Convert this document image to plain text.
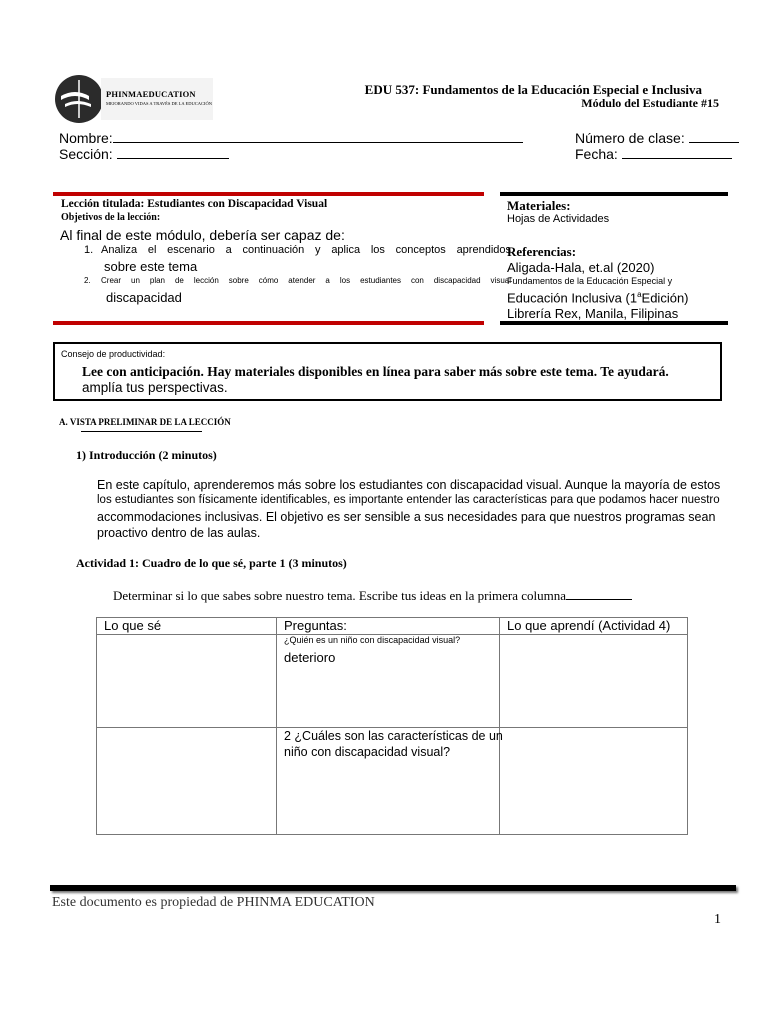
PHINMAEDUCATION
MEJORANDO VIDAS A TRAVÉS DE LA EDUCACIÓN
EDU 537: Fundamentos de la Educación Especial e Inclusiva
Módulo del Estudiante #15
Nombre:
Sección:
Número de clase:
Fecha:
Lección titulada: Estudiantes con Discapacidad Visual
Objetivos de la lección:
Al final de este módulo, debería ser capaz de:
1. Analiza el escenario a continuación y aplica los conceptos aprendidos
sobre este tema
2. Crear un plan de lección sobre cómo atender a los estudiantes con discapacidad visual
discapacidad
Materiales:
Hojas de Actividades
Referencias:
Aligada-Hala, et.al (2020)
Fundamentos de la Educación Especial y
Educación Inclusiva (1$^a$Edición)
Librería Rex, Manila, Filipinas
Consejo de productividad:
Lee con anticipación. Hay materiales disponibles en línea para saber más sobre este tema. Te ayudará.
amplía tus perspectivas.
A. VISTA PRELIMINAR DE LA LECCIÓN
1) Introducción (2 minutos)
En este capítulo, aprenderemos más sobre los estudiantes con discapacidad visual. Aunque la mayoría de estos
los estudiantes son físicamente identificables, es importante entender las características para que podamos hacer nuestro
accommodaciones inclusivas. El objetivo es ser sensible a sus necesidades para que nuestros programas sean
proactivo dentro de las aulas.
Actividad 1: Cuadro de lo que sé, parte 1 (3 minutos)
Determinar si lo que sabes sobre nuestro tema. Escribe tus ideas en la primera columna
Lo que sé	Preguntas:	Lo que aprendí (Actividad 4)

	¿Quién es un niño con discapacidad visual?
deterioro	

	2 ¿Cuáles son las características de un
niño con discapacidad visual?	

Este documento es propiedad de PHINMA EDUCATION
1
